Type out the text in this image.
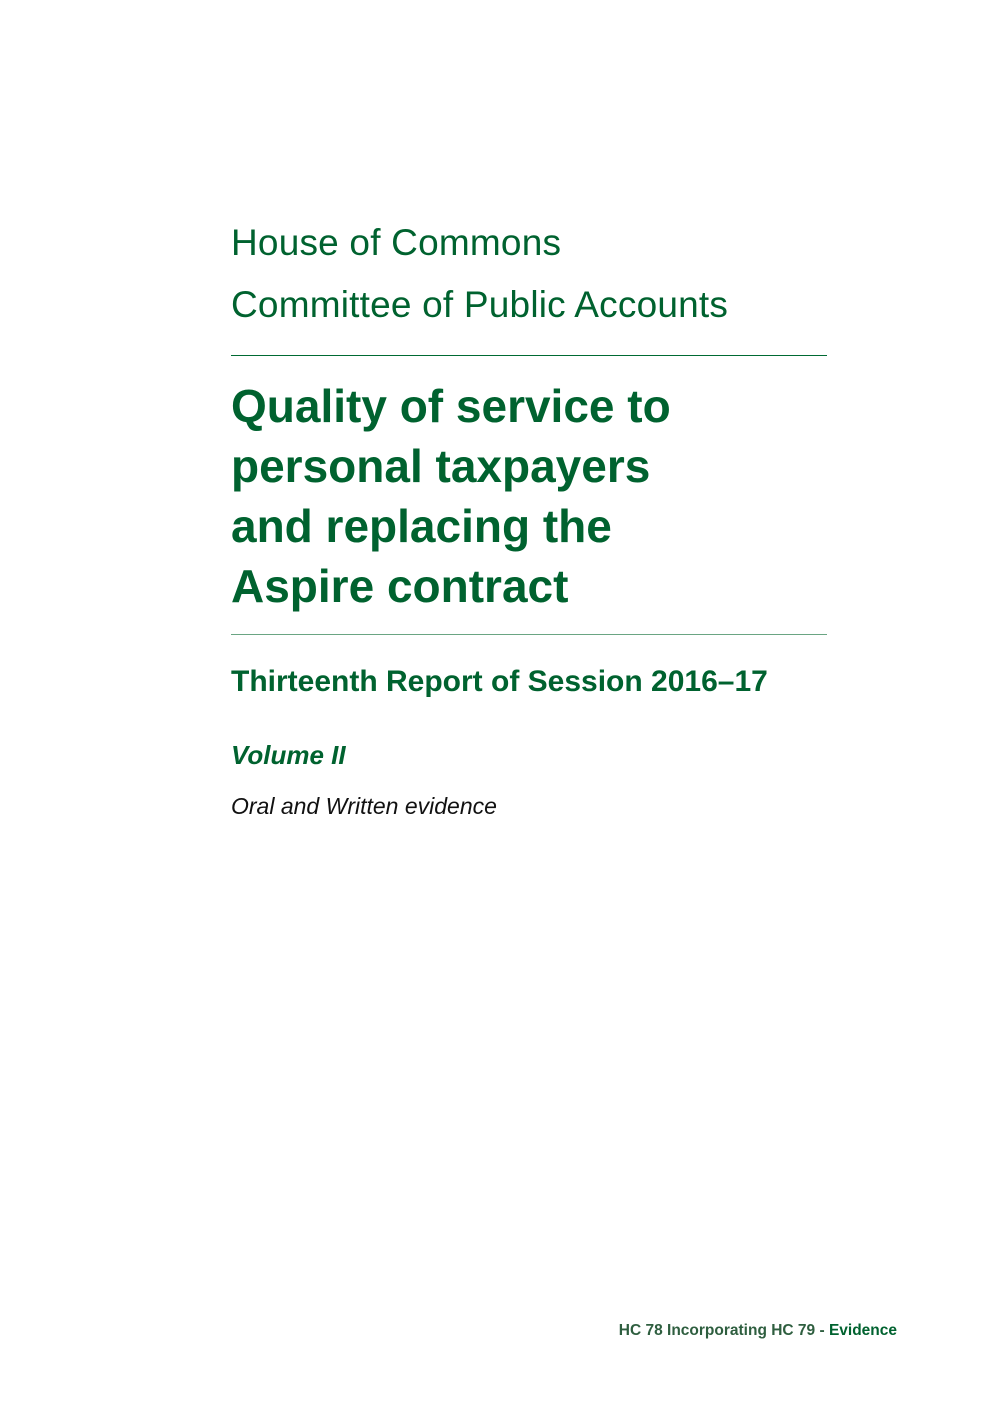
House of Commons
Committee of Public Accounts
Quality of service to
personal taxpayers
and replacing the
Aspire contract
Thirteenth Report of Session 2016–17
Volume II
Oral and Written evidence
HC 78 Incorporating HC 79 - Evidence
